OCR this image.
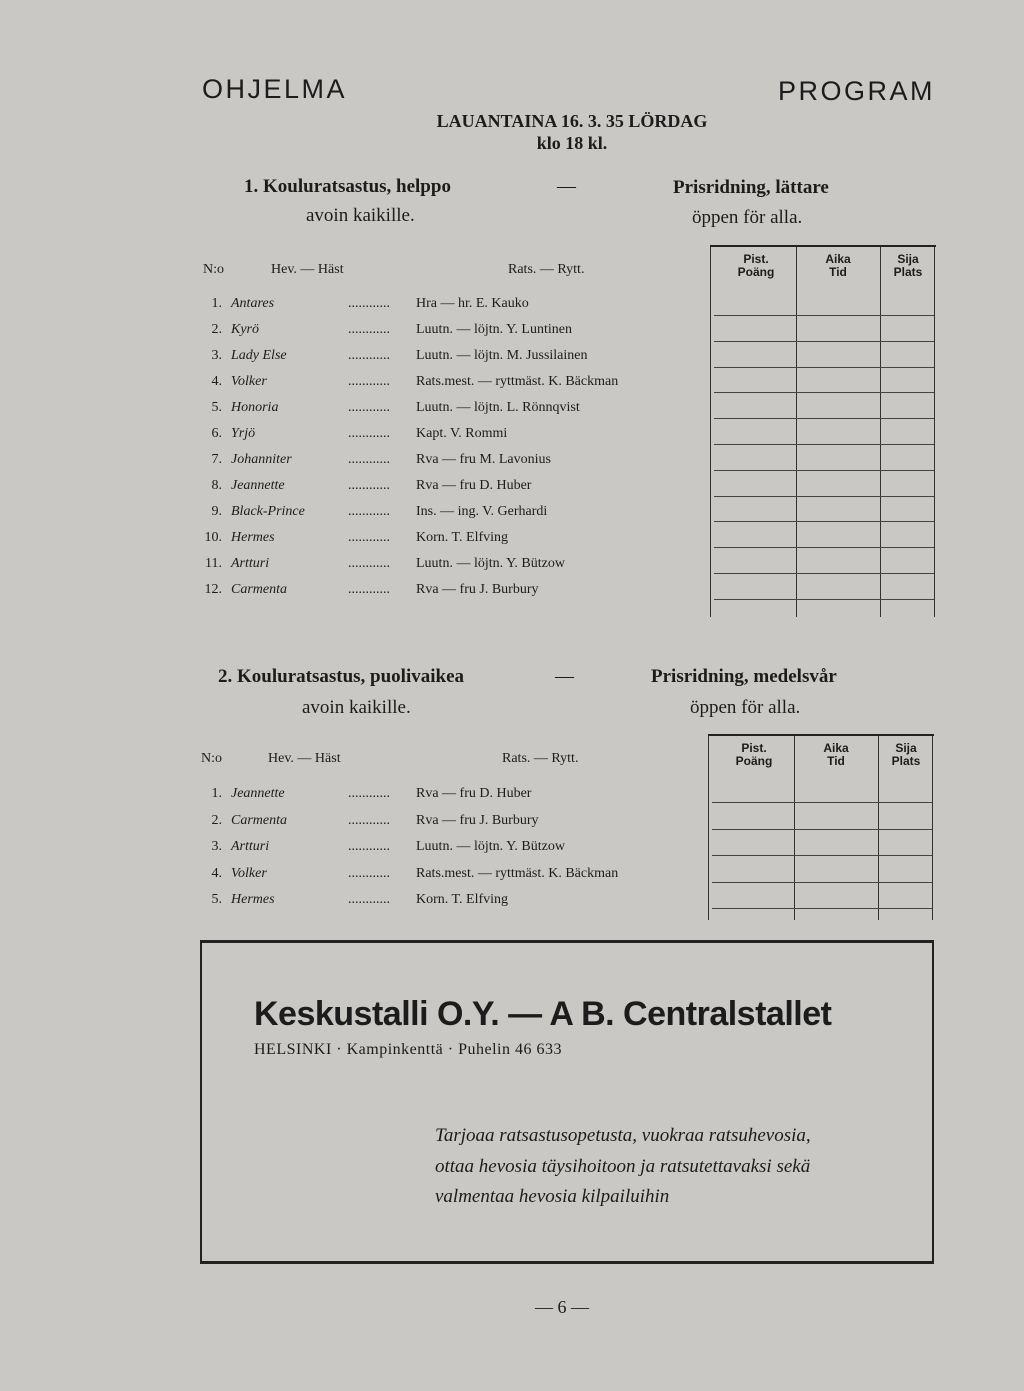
OHJELMA	PROGRAM
LAUANTAINA 16. 3. 35 LÖRDAG
klo 18 kl.
1. Kouluratsastus, helppo	—	Prisridning, lättare
avoin kaikille.	öppen för alla.
N:o	Hev. — Häst	Rats. — Rytt.
1. Antares	............ Hra — hr. E. Kauko
2. Kyrö	............ Luutn. — löjtn. Y. Luntinen
3. Lady Else	............ Luutn. — löjtn. M. Jussilainen
4. Volker	............ Rats.mest. — ryttmäst. K. Bäckman
5. Honoria	............ Luutn. — löjtn. L. Rönnqvist
6. Yrjö	............ Kapt. V. Rommi
7. Johanniter	............ Rva — fru M. Lavonius
8. Jeannette	............ Rva — fru D. Huber
9. Black-Prince	............ Ins. — ing. V. Gerhardi
10. Hermes	............ Korn. T. Elfving
11. Artturi	............ Luutn. — löjtn. Y. Bützow
12. Carmenta	............ Rva — fru J. Burbury
Pist.
Poäng
Aika
Tid
Sija
Plats
2. Kouluratsastus, puolivaikea	—	Prisridning, medelsvår
avoin kaikille.	öppen för alla.
N:o	Hev. — Häst	Rats. — Rytt.
1. Jeannette	............ Rva — fru D. Huber
2. Carmenta	............ Rva — fru J. Burbury
3. Artturi	............ Luutn. — löjtn. Y. Bützow
4. Volker	............ Rats.mest. — ryttmäst. K. Bäckman
5. Hermes	............ Korn. T. Elfving
Pist.
Poäng
Aika
Tid
Sija
Plats
Keskustalli O.Y. — A B. Centralstallet
HELSINKI · Kampinkenttä · Puhelin 46 633
Tarjoaa ratsastusopetusta, vuokraa ratsuhevosia,
ottaa hevosia täysihoitoon ja ratsutettavaksi sekä
valmentaa hevosia kilpailuihin
— 6 —
